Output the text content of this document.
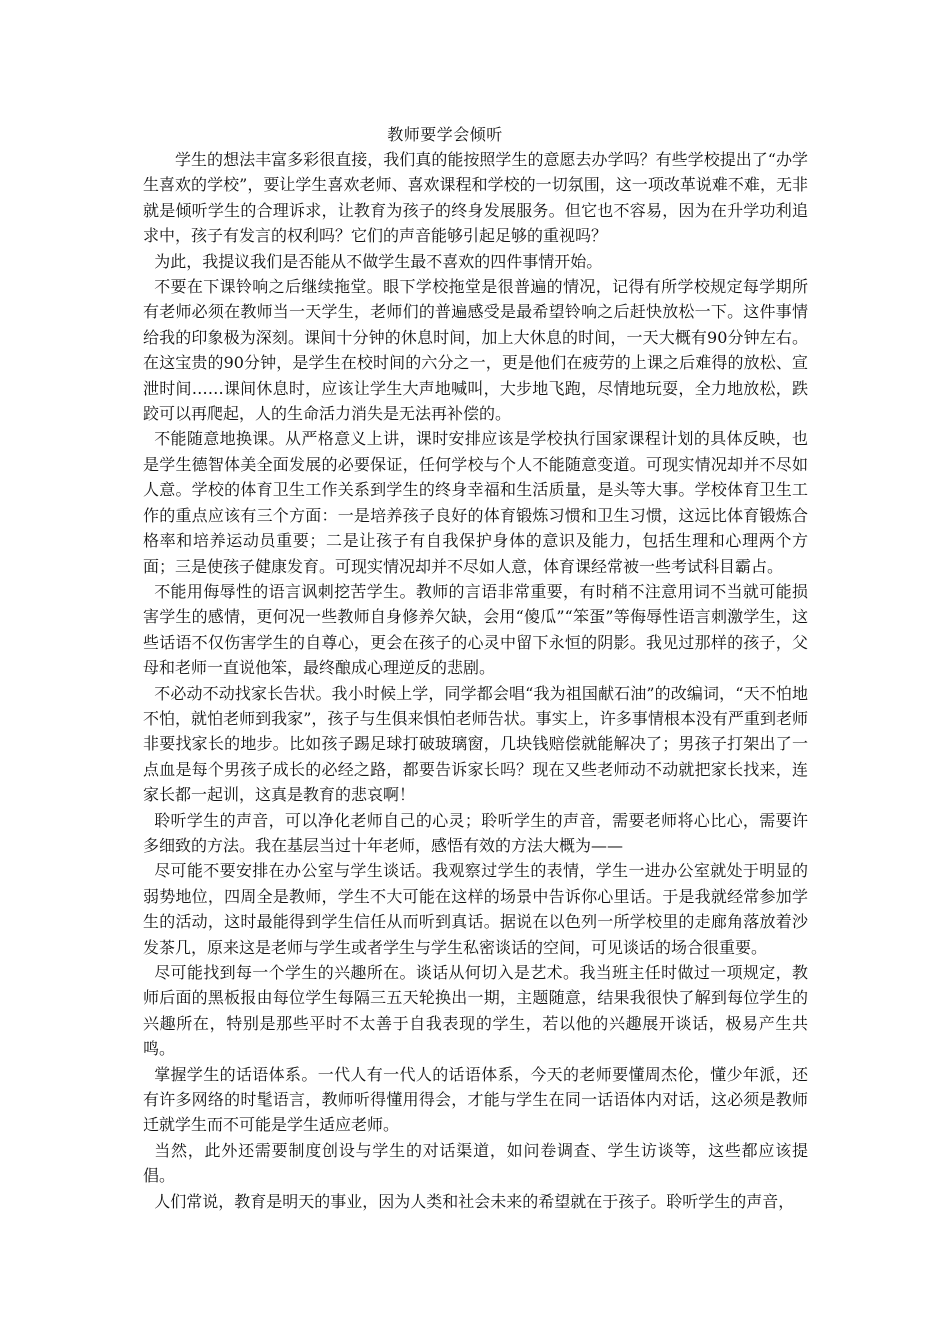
教师要学会倾听

学生的想法丰富多彩很直接，我们真的能按照学生的意愿去办学吗？有些学校提出了“办学生喜欢的学校”，要让学生喜欢老师、喜欢课程和学校的一切氛围，这一项改革说难不难，无非就是倾听学生的合理诉求，让教育为孩子的终身发展服务。但它也不容易，因为在升学功利追求中，孩子有发言的权利吗？它们的声音能够引起足够的重视吗？

为此，我提议我们是否能从不做学生最不喜欢的四件事情开始。

不要在下课铃响之后继续拖堂。眼下学校拖堂是很普遍的情况，记得有所学校规定每学期所有老师必须在教师当一天学生，老师们的普遍感受是最希望铃响之后赶快放松一下。这件事情给我的印象极为深刻。课间十分钟的休息时间，加上大休息的时间，一天大概有90分钟左右。在这宝贵的90分钟，是学生在校时间的六分之一，更是他们在疲劳的上课之后难得的放松、宣泄时间……课间休息时，应该让学生大声地喊叫，大步地飞跑，尽情地玩耍，全力地放松，跌跤可以再爬起，人的生命活力消失是无法再补偿的。

不能随意地换课。从严格意义上讲，课时安排应该是学校执行国家课程计划的具体反映，也是学生德智体美全面发展的必要保证，任何学校与个人不能随意变道。可现实情况却并不尽如人意。学校的体育卫生工作关系到学生的终身幸福和生活质量，是头等大事。学校体育卫生工作的重点应该有三个方面：一是培养孩子良好的体育锻炼习惯和卫生习惯，这远比体育锻炼合格率和培养运动员重要；二是让孩子有自我保护身体的意识及能力，包括生理和心理两个方面；三是使孩子健康发育。可现实情况却并不尽如人意，体育课经常被一些考试科目霸占。

不能用侮辱性的语言讽刺挖苦学生。教师的言语非常重要，有时稍不注意用词不当就可能损害学生的感情，更何况一些教师自身修养欠缺，会用“傻瓜”“笨蛋”等侮辱性语言刺激学生，这些话语不仅伤害学生的自尊心，更会在孩子的心灵中留下永恒的阴影。我见过那样的孩子，父母和老师一直说他笨，最终酿成心理逆反的悲剧。

不必动不动找家长告状。我小时候上学，同学都会唱“我为祖国献石油”的改编词，“天不怕地不怕，就怕老师到我家”，孩子与生俱来惧怕老师告状。事实上，许多事情根本没有严重到老师非要找家长的地步。比如孩子踢足球打破玻璃窗，几块钱赔偿就能解决了；男孩子打架出了一点血是每个男孩子成长的必经之路，都要告诉家长吗？现在又些老师动不动就把家长找来，连家长都一起训，这真是教育的悲哀啊！

聆听学生的声音，可以净化老师自己的心灵；聆听学生的声音，需要老师将心比心，需要许多细致的方法。我在基层当过十年老师，感悟有效的方法大概为——

尽可能不要安排在办公室与学生谈话。我观察过学生的表情，学生一进办公室就处于明显的弱势地位，四周全是教师，学生不大可能在这样的场景中告诉你心里话。于是我就经常参加学生的活动，这时最能得到学生信任从而听到真话。据说在以色列一所学校里的走廊角落放着沙发茶几，原来这是老师与学生或者学生与学生私密谈话的空间，可见谈话的场合很重要。

尽可能找到每一个学生的兴趣所在。谈话从何切入是艺术。我当班主任时做过一项规定，教师后面的黑板报由每位学生每隔三五天轮换出一期，主题随意，结果我很快了解到每位学生的兴趣所在，特别是那些平时不太善于自我表现的学生，若以他的兴趣展开谈话，极易产生共鸣。

掌握学生的话语体系。一代人有一代人的话语体系，今天的老师要懂周杰伦，懂少年派，还有许多网络的时髦语言，教师听得懂用得会，才能与学生在同一话语体内对话，这必须是教师迁就学生而不可能是学生适应老师。

当然，此外还需要制度创设与学生的对话渠道，如问卷调查、学生访谈等，这些都应该提倡。

人们常说，教育是明天的事业，因为人类和社会未来的希望就在于孩子。聆听学生的声音，
